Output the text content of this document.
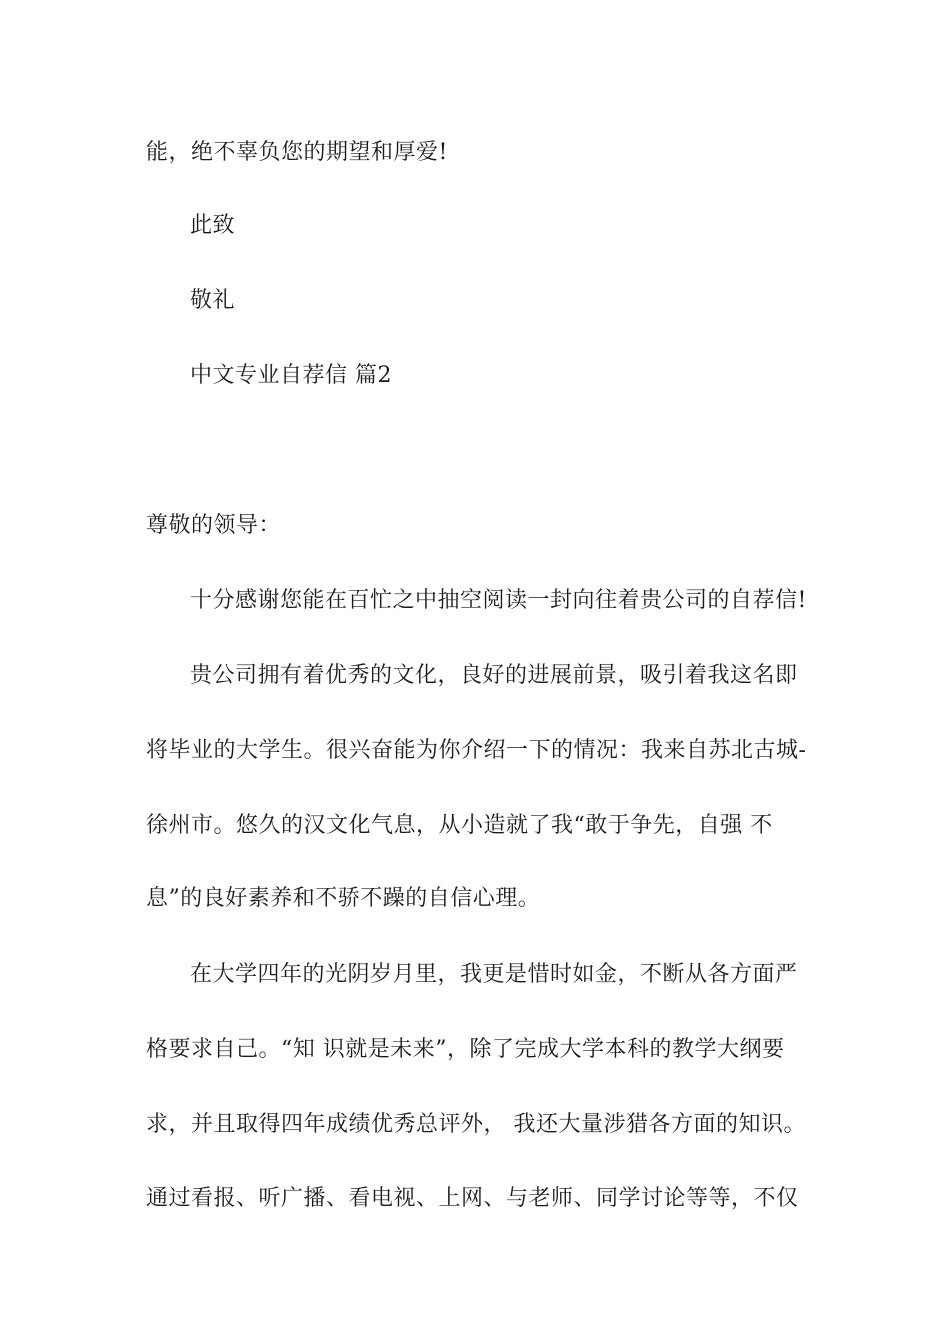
能，绝不辜负您的期望和厚爱!
此致
敬礼
中文专业自荐信 篇2
尊敬的领导：
十分感谢您能在百忙之中抽空阅读一封向往着贵公司的自荐信!
贵公司拥有着优秀的文化，良好的进展前景，吸引着我这名即
将毕业的大学生。很兴奋能为你介绍一下的情况：我来自苏北古城-
徐州市。悠久的汉文化气息，从小造就了我“敢于争先，自强 不
息”的良好素养和不骄不躁的自信心理。
在大学四年的光阴岁月里，我更是惜时如金，不断从各方面严
格要求自己。“知 识就是未来”，除了完成大学本科的教学大纲要
求，并且取得四年成绩优秀总评外， 我还大量涉猎各方面的知识。
通过看报、听广播、看电视、上网、与老师、同学讨论等等，不仅
